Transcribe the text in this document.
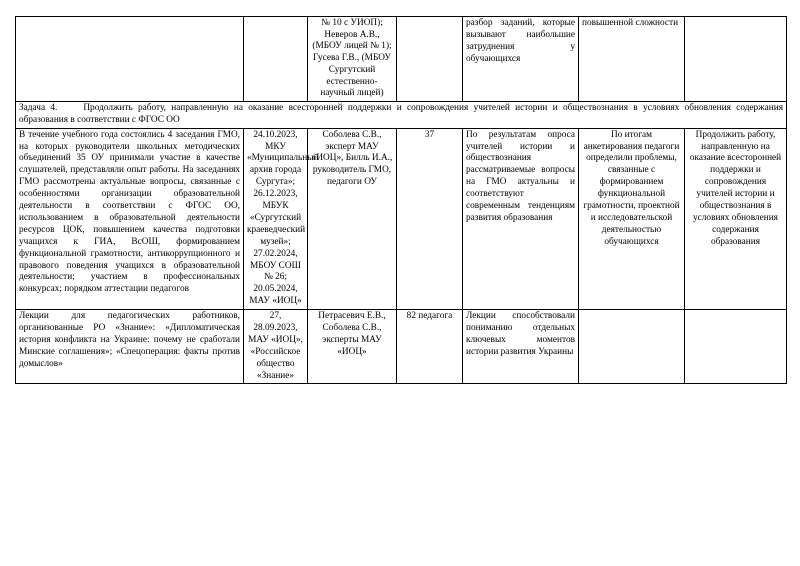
		№ 10 с УИОП); Неверов А.В., (МБОУ лицей № 1); Гусева Г.В., (МБОУ Сургутский естественно-научный лицей)		разбор заданий, которые вызывают наибольшие затруднения у обучающихся	повышенной сложности	
Задача 4. Продолжить работу, направленную на оказание всесторонней поддержки и сопровождения учителей истории и обществознания в условиях обновления содержания образования в соответствии с ФГОС ОО						
В течение учебного года состоялись 4 заседания ГМО, на которых руководители школьных методических объединений 35 ОУ принимали участие в качестве слушателей, представляли опыт работы. На заседаниях ГМО рассмотрены актуальные вопросы, связанные с особенностями организации образовательной деятельности в соответствии с ФГОС ОО, использованием в образовательной деятельности ресурсов ЦОК, повышением качества подготовки учащихся к ГИА, ВсОШ, формированием функциональной грамотности, антикоррупционного и правового поведения учащихся в образовательной деятельности; участием в профессиональных конкурсах; порядком аттестации педагогов	24.10.2023, МКУ «Муниципальный архив города Сургута»; 26.12.2023, МБУК «Сургутский краеведческий музей»; 27.02.2024, МБОУ СОШ № 26; 20.05.2024, МАУ «ИОЦ»	Соболева С.В., эксперт МАУ «ИОЦ», Билль И.А., руководитель ГМО, педагоги ОУ	37	По результатам опроса учителей истории и обществознания рассматриваемые вопросы на ГМО актуальны и соответствуют современным тенденциям развития образования	По итогам анкетирования педагоги определили проблемы, связанные с формированием функциональной грамотности, проектной и исследовательской деятельностью обучающихся	Продолжить работу, направленную на оказание всесторонней поддержки и сопровождения учителей истории и обществознания в условиях обновления содержания образования
Лекции для педагогических работников, организованные РО «Знание»: «Дипломатическая история конфликта на Украине: почему не сработали Минские соглашения»; «Спецоперация: факты против домыслов»	27, 28.09.2023, МАУ «ИОЦ», «Российское общество «Знание»	Петрасевич Е.В., Соболева С.В., эксперты МАУ «ИОЦ»	82 педагога	Лекции способствовали пониманию отдельных ключевых моментов истории развития Украины		
